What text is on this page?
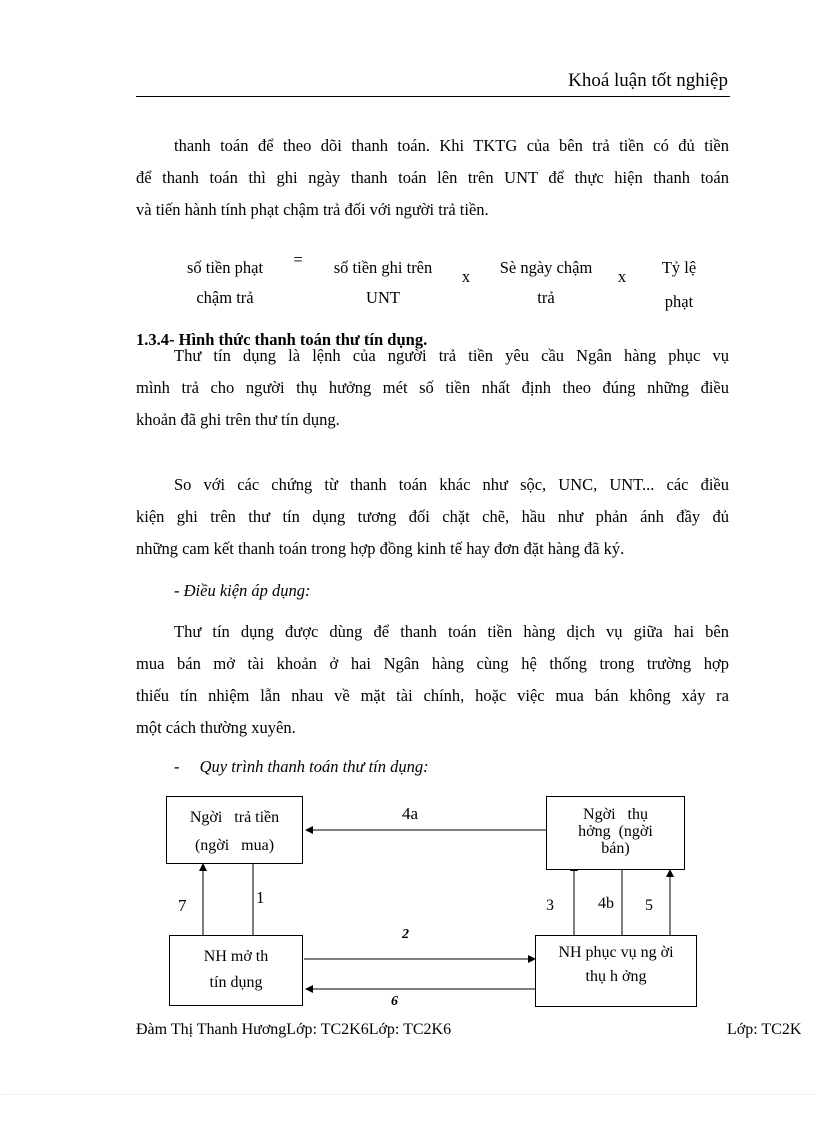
Khoá luận tốt nghiệp
thanh toán để theo dõi thanh toán. Khi TKTG của bên trả tiền có đủ tiền
để thanh toán thì ghi ngày thanh toán lên trên UNT để thực hiện thanh toán
và tiến hành tính phạt chậm trả đối với người trả tiền.
số tiền phạt
chậm trả
=	số tiền ghi trên
UNT
x	Sè ngày chậm
trả
x	Tỷ lệ
phạt
1.3.4- Hình thức thanh toán thư tín dụng.
Thư tín dụng là lệnh của người trả tiền yêu cầu Ngân hàng phục vụ
mình trả cho người thụ hưởng mét số tiền nhất định theo đúng những điều
khoản đã ghi trên thư tín dụng.
So với các chứng từ thanh toán khác như sộc, UNC, UNT... các điều
kiện ghi trên thư tín dụng tương đối chặt chẽ, hầu như phản ánh đầy đủ
những cam kết thanh toán trong hợp đồng kinh tế hay đơn đặt hàng đã ký.
- Điều kiện áp dụng:
Thư tín dụng được dùng để thanh toán tiền hàng dịch vụ giữa hai bên
mua bán mở tài khoản ở hai Ngân hàng cùng hệ thống trong trường hợp
thiếu tín nhiệm lẫn nhau về mặt tài chính, hoặc việc mua bán không xảy ra
một cách thường xuyên.
- Quy trình thanh toán thư tín dụng:
Ngời   trả tiền
(ngời   mua)
Ngời   thụ
hởng  (ngời
bán)
NH mở th
tín dụng
NH phục vụ ng ời
thụ h ởng
4a
7	1	3	4b 5
2
6
Đàm Thị Thanh HươngLớp: TC2K6Lớp: TC2K6	Lớp: TC2K
